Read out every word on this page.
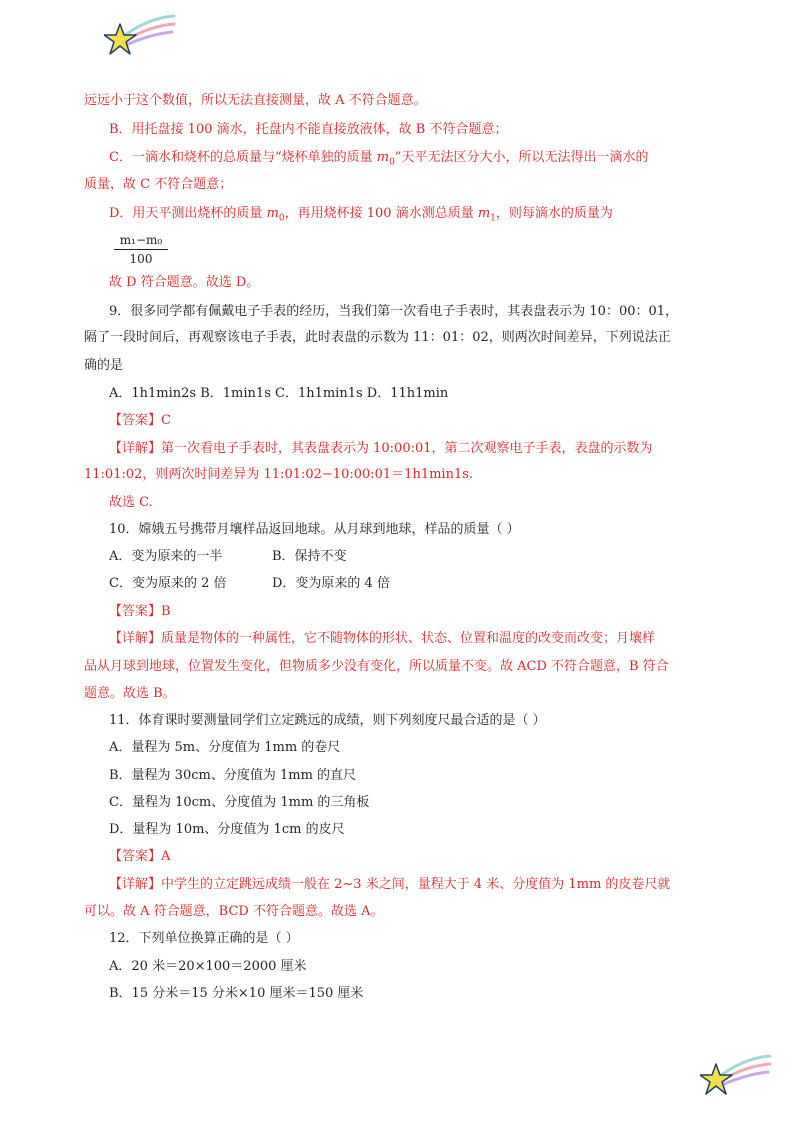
远远小于这个数值，所以无法直接测量，故 A 不符合题意。
B．用托盘接 100 滴水，托盘内不能直接放液体，故 B 不符合题意；
C．一滴水和烧杯的总质量与“烧杯单独的质量 $m_0$”天平无法区分大小，所以无法得出一滴水的
质量，故 C 不符合题意；
D．用天平测出烧杯的质量 $m_0$，再用烧杯接 100 滴水测总质量 $m_1$，则每滴水的质量为
$\frac{\text{m₁−m₀}}{100}$
故 D 符合题意。故选 D。
9．很多同学都有佩戴电子手表的经历，当我们第一次看电子手表时，其表盘表示为 10：00：01，
隔了一段时间后，再观察该电子手表，此时表盘的示数为 11：01：02，则两次时间差异，下列说法正
确的是
A．1h1min2s B．1min1s C．1h1min1s D．11h1min
【答案】C
【详解】第一次看电子手表时，其表盘表示为 10:00:01，第二次观察电子手表，表盘的示数为
11:01:02，则两次时间差异为 11:01:02−10:00:01＝1h1min1s.
故选 C.
10．嫦娥五号携带月壤样品返回地球。从月球到地球，样品的质量（ ）
A．变为原来的一半	B．保持不变
C．变为原来的 2 倍	D．变为原来的 4 倍
【答案】B
【详解】质量是物体的一种属性，它不随物体的形状、状态、位置和温度的改变而改变；月壤样
品从月球到地球，位置发生变化，但物质多少没有变化，所以质量不变。故 ACD 不符合题意，B 符合
题意。故选 B。
11．体育课时要测量同学们立定跳远的成绩，则下列刻度尺最合适的是（ ）
A．量程为 5m、分度值为 1mm 的卷尺
B．量程为 30cm、分度值为 1mm 的直尺
C．量程为 10cm、分度值为 1mm 的三角板
D．量程为 10m、分度值为 1cm 的皮尺
【答案】A
【详解】中学生的立定跳远成绩一般在 2~3 米之间，量程大于 4 米、分度值为 1mm 的皮卷尺就
可以。故 A 符合题意，BCD 不符合题意。故选 A。
12．下列单位换算正确的是（ ）
A．20 米＝20×100＝2000 厘米
B．15 分米＝15 分米×10 厘米＝150 厘米
